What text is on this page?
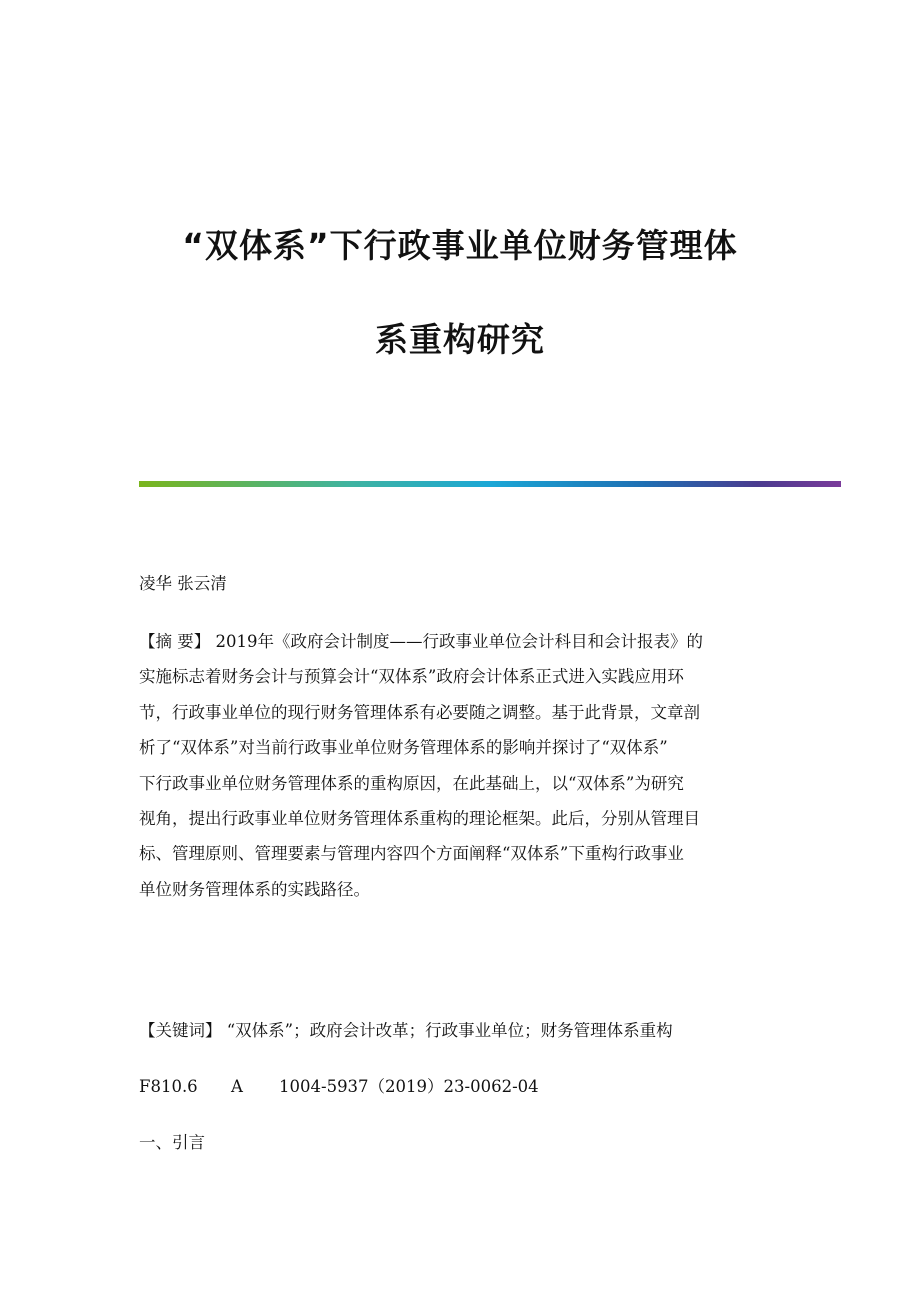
“双体系”下行政事业单位财务管理体
系重构研究
凌华 张云清
【摘 要】 2019年《政府会计制度——行政事业单位会计科目和会计报表》的
实施标志着财务会计与预算会计“双体系”政府会计体系正式进入实践应用环
节，行政事业单位的现行财务管理体系有必要随之调整。基于此背景，文章剖
析了“双体系”对当前行政事业单位财务管理体系的影响并探讨了“双体系”
下行政事业单位财务管理体系的重构原因，在此基础上，以“双体系”为研究
视角，提出行政事业单位财务管理体系重构的理论框架。此后，分别从管理目
标、管理原则、管理要素与管理内容四个方面阐释“双体系”下重构行政事业
单位财务管理体系的实践路径。
【关键词】 “双体系”；政府会计改革；行政事业单位；财务管理体系重构
F810.6 A 1004-5937（2019）23-0062-04
一、引言
